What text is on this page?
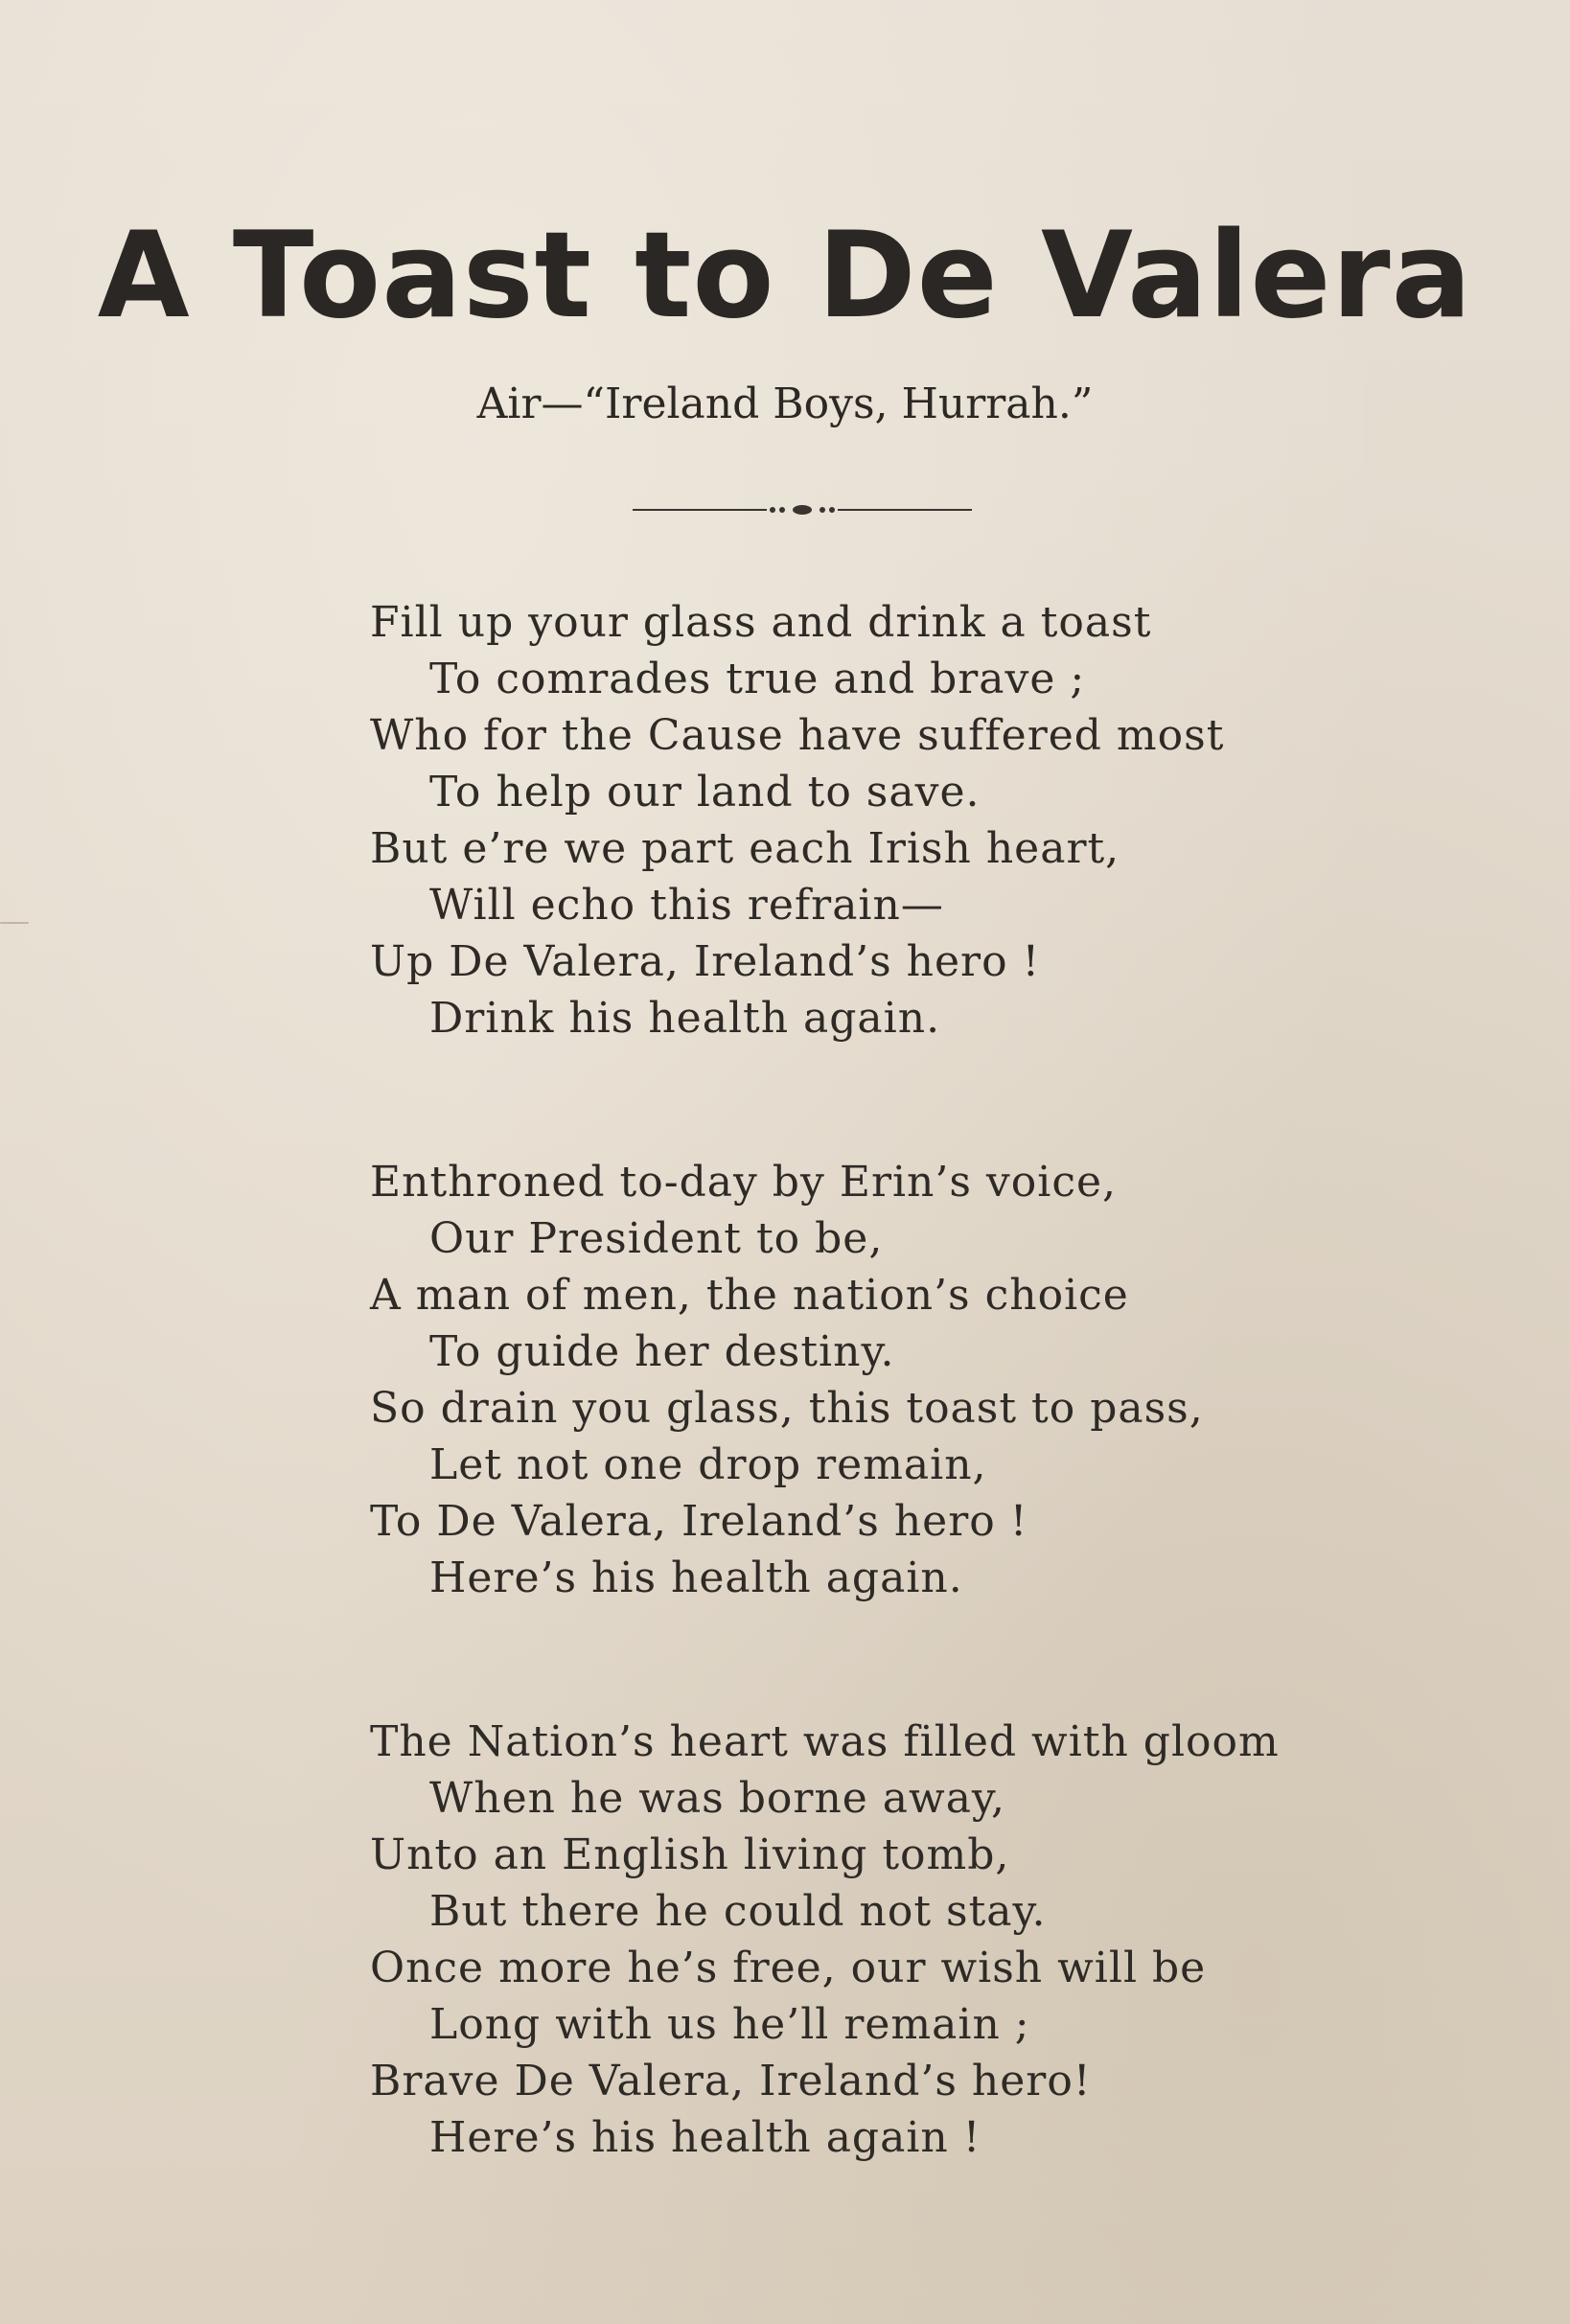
A Toast to De Valera
Air—“Ireland Boys, Hurrah.”
Fill up your glass and drink a toast
To comrades true and brave ;
Who for the Cause have suffered most
To help our land to save.
But e’re we part each Irish heart,
Will echo this refrain—
Up De Valera, Ireland’s hero !
Drink his health again.
Enthroned to-day by Erin’s voice,
Our President to be,
A man of men, the nation’s choice
To guide her destiny.
So drain you glass, this toast to pass,
Let not one drop remain,
To De Valera, Ireland’s hero !
Here’s his health again.
The Nation’s heart was filled with gloom
When he was borne away,
Unto an English living tomb,
But there he could not stay.
Once more he’s free, our wish will be
Long with us he’ll remain ;
Brave De Valera, Ireland’s hero!
Here’s his health again !
